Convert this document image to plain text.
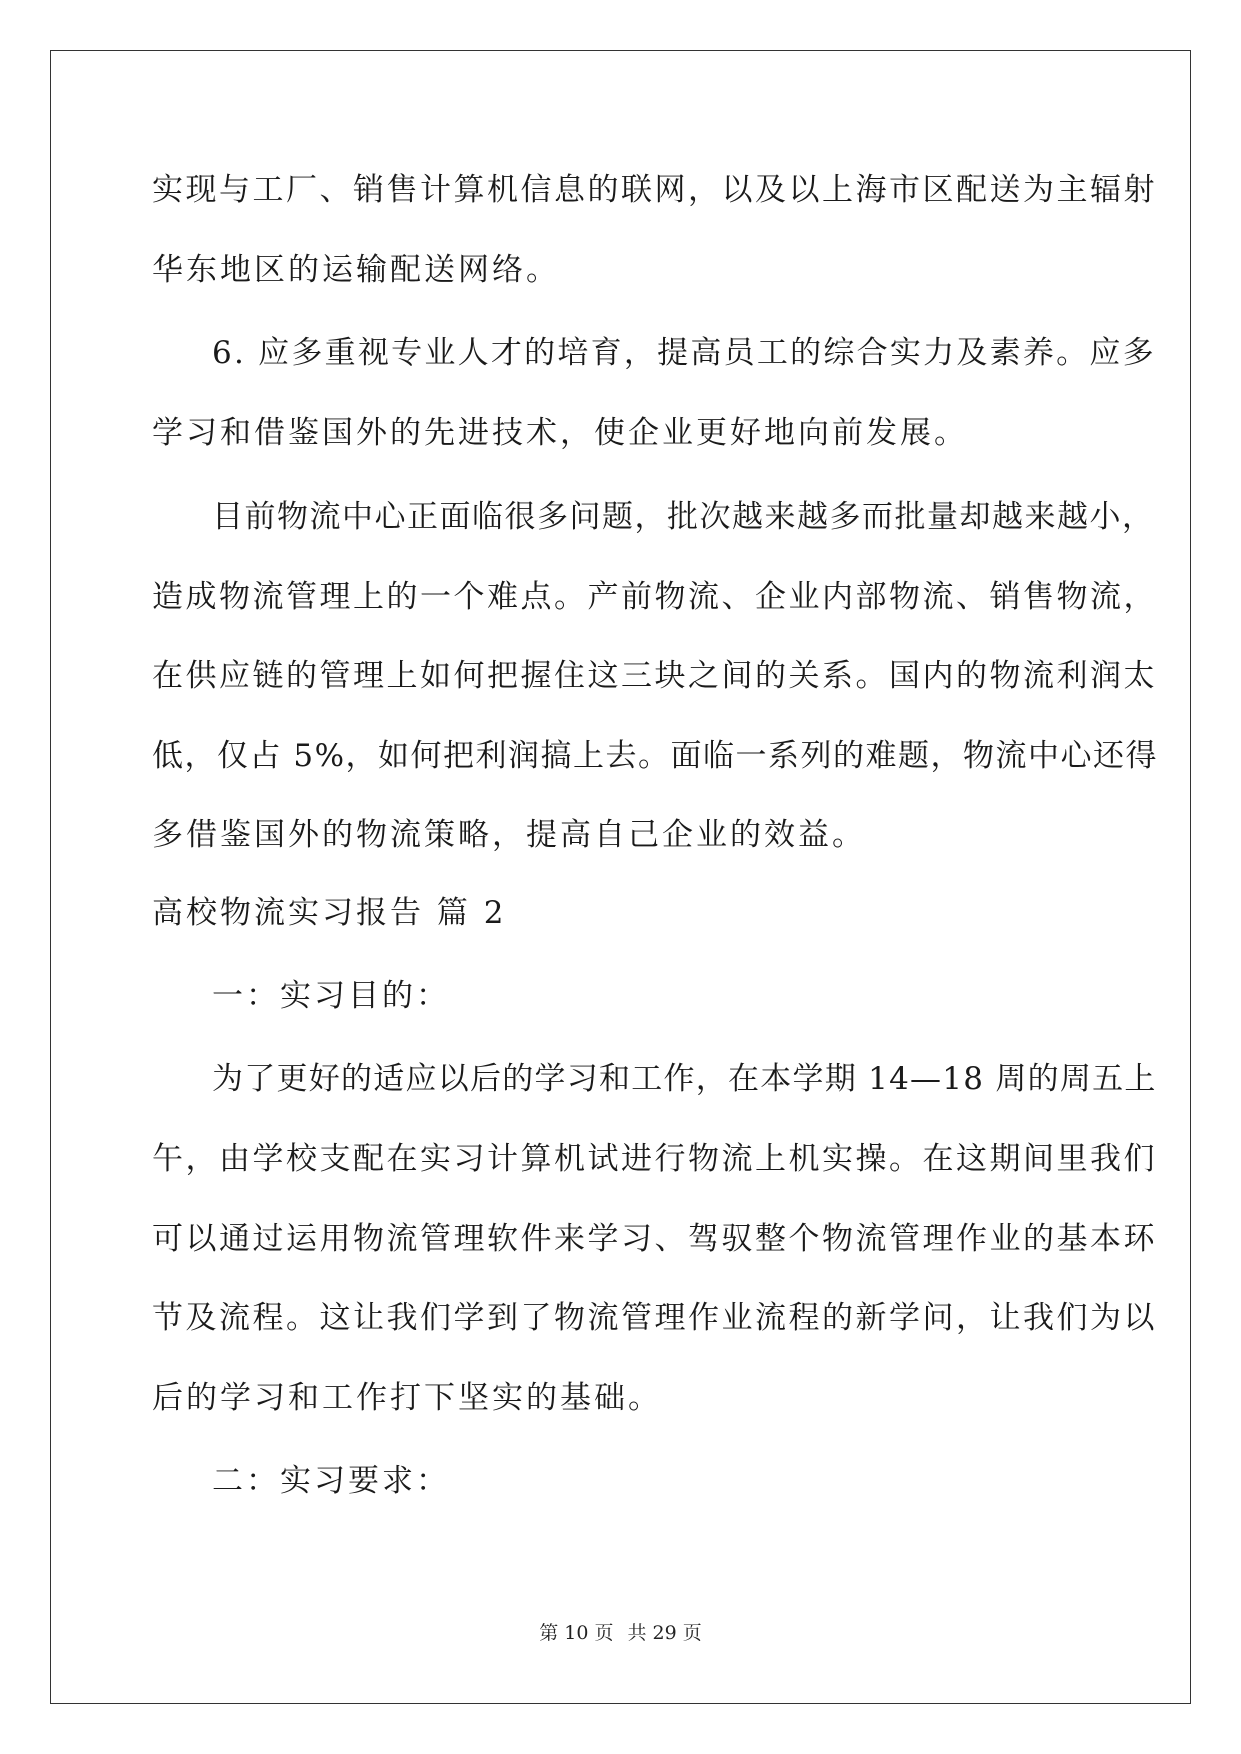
实现与工厂、销售计算机信息的联网，以及以上海市区配送为主辐射

华东地区的运输配送网络。

6. 应多重视专业人才的培育，提高员工的综合实力及素养。应多

学习和借鉴国外的先进技术，使企业更好地向前发展。

目前物流中心正面临很多问题，批次越来越多而批量却越来越小，

造成物流管理上的一个难点。产前物流、企业内部物流、销售物流，

在供应链的管理上如何把握住这三块之间的关系。国内的物流利润太

低，仅占 5%，如何把利润搞上去。面临一系列的难题，物流中心还得

多借鉴国外的物流策略，提高自己企业的效益。

高校物流实习报告 篇 2

一：实习目的：

为了更好的适应以后的学习和工作，在本学期 14—18 周的周五上

午，由学校支配在实习计算机试进行物流上机实操。在这期间里我们

可以通过运用物流管理软件来学习、驾驭整个物流管理作业的基本环

节及流程。这让我们学到了物流管理作业流程的新学问，让我们为以

后的学习和工作打下坚实的基础。

二：实习要求：

第 10 页 共 29 页
